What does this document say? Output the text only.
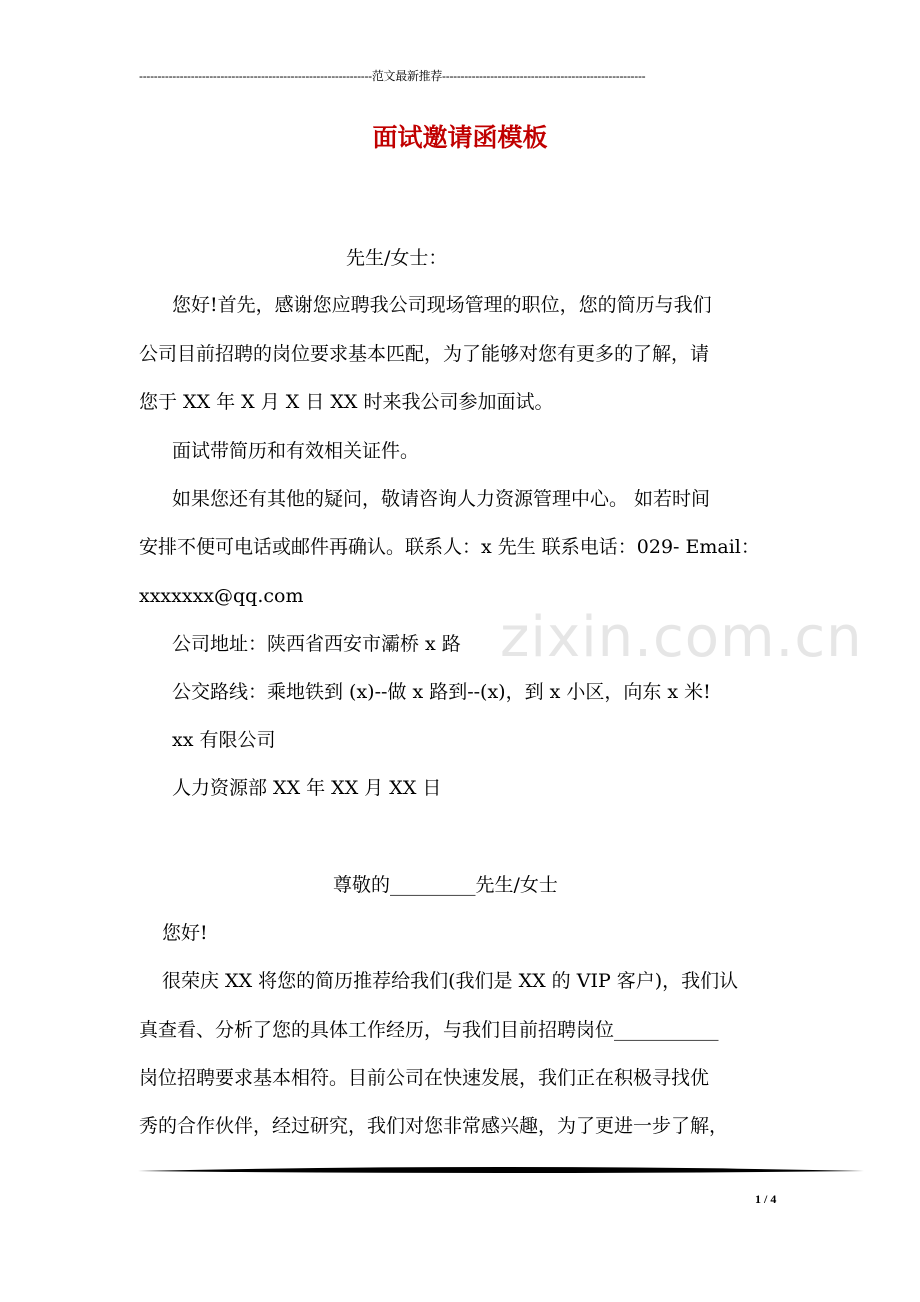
---------------------------------------------------------------范文最新推荐-------------------------------------------------------
面试邀请函模板
zixin.com.cn
先生/女士：
您好!首先，感谢您应聘我公司现场管理的职位，您的简历与我们
公司目前招聘的岗位要求基本匹配，为了能够对您有更多的了解，请
您于 XX 年 X 月 X 日 XX 时来我公司参加面试。
面试带简历和有效相关证件。
如果您还有其他的疑问，敬请咨询人力资源管理中心。 如若时间
安排不便可电话或邮件再确认。联系人：x 先生 联系电话：029- Email：
xxxxxxx@qq.com
公司地址：陕西省西安市灞桥 x 路
公交路线：乘地铁到 (x)--做 x 路到--(x)，到 x 小区，向东 x 米!
xx 有限公司
人力资源部 XX 年 XX 月 XX 日
尊敬的_________先生/女士
您好!
很荣庆 XX 将您的简历推荐给我们(我们是 XX 的 VIP 客户)，我们认
真查看、分析了您的具体工作经历，与我们目前招聘岗位___________
岗位招聘要求基本相符。目前公司在快速发展，我们正在积极寻找优
秀的合作伙伴，经过研究，我们对您非常感兴趣，为了更进一步了解，
1 / 4
